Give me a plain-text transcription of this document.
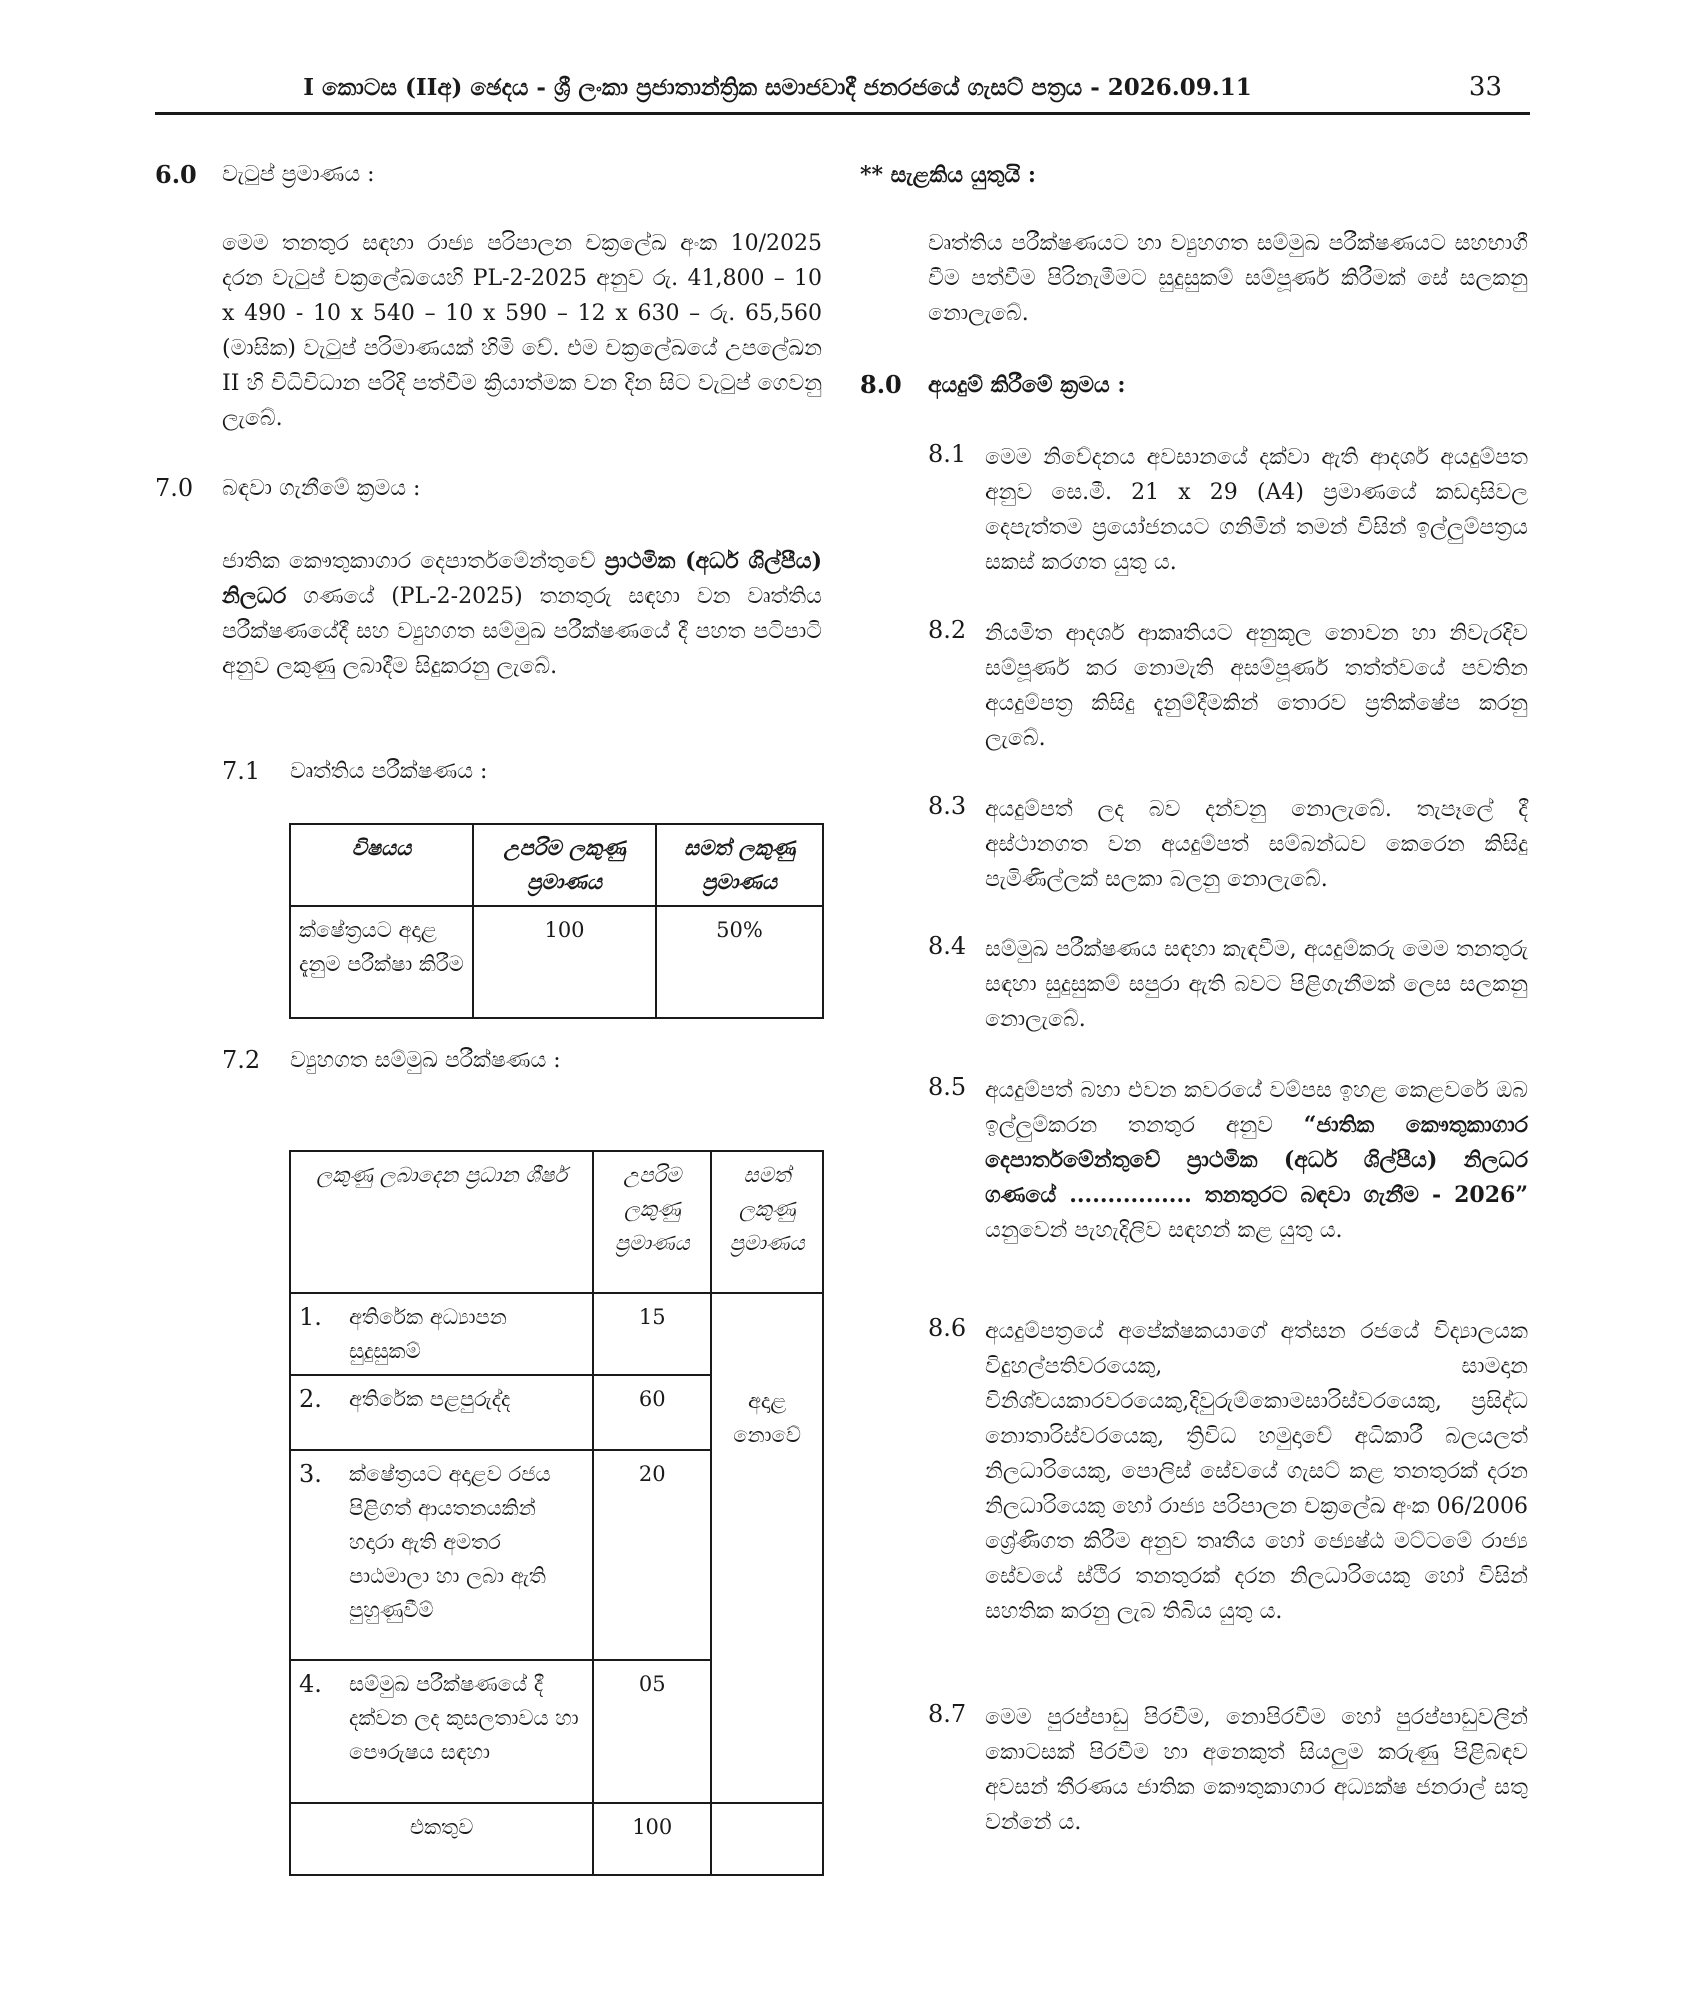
I කොටස (IIඅ) ඡෙදය - ශ්‍රී ලංකා ප්‍රජාතාන්ත්‍රික සමාජවාදී ජනරජයේ ගැසට් පත්‍රය - 2026.09.11	33
6.0 වැටුප් ප්‍රමාණය :
මෙම තනතුර සඳහා රාජ්‍ය පරිපාලන චක්‍රලේඛ අංක 10/2025 දරන වැටුප් චක්‍රලේඛයෙහි PL-2-2025 අනුව රු. 41,800 – 10 x 490 - 10 x 540 – 10 x 590 – 12 x 630 – රු. 65,560 (මාසික) වැටුප් පරිමාණයක් හිමි වේ. එම චක්‍රලේඛයේ උපලේඛන II හි විධිවිධාන පරිදි පත්වීම ක්‍රියාත්මක වන දින සිට වැටුප් ගෙවනු ලැබේ.
7.0 බඳවා ගැනීමේ ක්‍රමය :
ජාතික කෞතුකාගාර දෙපාර්තමේන්තුවේ ප්‍රාථමික (අර්ධ ශිල්පීය) නිලධර ගණයේ (PL-2-2025) තනතුරු සඳහා වන වෘත්තිය පරීක්ෂණයේදී සහ ව්‍යුහගත සම්මුඛ පරීක්ෂණයේ දී පහත පටිපාටි අනුව ලකුණු ලබාදීම සිදුකරනු ලැබේ.
7.1 වෘත්තිය පරීක්ෂණය :
විෂයය	උපරිම ලකුණු ප්‍රමාණය	සමත් ලකුණු ප්‍රමාණය
ක්ෂේත්‍රයට අදාළ දැනුම පරීක්ෂා කිරීම	100	50%
7.2 ව්‍යුහගත සම්මුඛ පරීක්ෂණය :
ලකුණු ලබාදෙන ප්‍රධාන ශීර්ෂ		උපරිම ලකුණු ප්‍රමාණය	සමත් ලකුණු ප්‍රමාණය
1.	අතිරේක අධ්‍යාපන සුදුසුකම්	15	අදාළ නොවේ
2.	අතිරේක පළපුරුද්ද	60	
3.	ක්ෂේත්‍රයට අදාළව රජය පිළිගත් ආයතනයකින් හදාරා ඇති අමතර පාඨමාලා හා ලබා ඇති පුහුණුවීම්	20	
4.	සම්මුඛ පරීක්ෂණයේ දී දක්වන ලද කුසලතාවය හා පෞරුෂය සඳහා	05	
එකතුව		100	
** සැළකිය යුතුයි :
වෘත්තිය පරීක්ෂණයට හා ව්‍යුහගත සම්මුඛ පරීක්ෂණයට සහභාගී වීම පත්වීම පිරිනැමීමට සුදුසුකම් සම්පූර්ණ කිරීමක් සේ සලකනු නොලැබේ.
8.0 අයදුම් කිරීමේ ක්‍රමය :
8.1 මෙම නිවේදනය අවසානයේ දක්වා ඇති ආදර්ශ අයදුම්පත අනුව සෙ.මී. 21 x 29 (A4) ප්‍රමාණයේ කඩදාසිවල දෙපැත්තම ප්‍රයෝජනයට ගනිමින් තමන් විසින් ඉල්ලුම්පත්‍රය සකස් කරගත යුතු ය.
8.2 නියමිත ආදර්ශ ආකෘතියට අනුකූල නොවන හා නිවැරදිව සම්පූර්ණ කර නොමැති අසම්පූර්ණ තත්ත්වයේ පවතින අයදුම්පත්‍ර කිසිදු දැනුම්දීමකින් තොරව ප්‍රතික්ෂේප කරනු ලැබේ.
8.3 අයදුම්පත් ලද බව දන්වනු නොලැබේ. තැපෑලේ දී අස්ථානගත වන අයදුම්පත් සම්බන්ධව කෙරෙන කිසිදු පැමිණිල්ලක් සලකා බලනු නොලැබේ.
8.4 සම්මුඛ පරීක්ෂණය සඳහා කැඳවීම, අයදුම්කරු මෙම තනතුරු සඳහා සුදුසුකම් සපුරා ඇති බවට පිළිගැනීමක් ලෙස සලකනු නොලැබේ.
8.5 අයදුම්පත් බහා එවන කවරයේ වම්පස ඉහළ කෙළවරේ ඔබ ඉල්ලුම්කරන තනතුර අනුව “ජාතික කෞතුකාගාර දෙපාර්තමේන්තුවේ ප්‍රාථමික (අර්ධ ශිල්පීය) නිලධර ගණයේ ................ තනතුරට බඳවා ගැනීම - 2026” යනුවෙන් පැහැදිලිව සඳහන් කළ යුතු ය.
8.6 අයදුම්පත්‍රයේ අපේක්ෂකයාගේ අත්සන රජයේ විද්‍යාලයක විදුහල්පතිවරයෙකු, සාමදාන විනිශ්චයකාරවරයෙකු,දිවුරුම්කොමසාරිස්වරයෙකු, ප්‍රසිද්ධ නොතාරිස්වරයෙකු, ත්‍රිවිධ හමුදාවේ අධිකාරී බලයලත් නිලධාරියෙකු, පොලිස් සේවයේ ගැසට් කළ තනතුරක් දරන නිලධාරියෙකු හෝ රාජ්‍ය පරිපාලන චක්‍රලේඛ අංක 06/2006 ශ්‍රේණිගත කිරීම අනුව තෘතීය හෝ ජ්‍යෙෂ්ඨ මට්ටමේ රාජ්‍ය සේවයේ ස්ථිර තනතුරක් දරන නිලධාරියෙකු හෝ විසින් සහතික කරනු ලැබ තිබිය යුතු ය.
8.7 මෙම පුරප්පාඩු පිරවීම, නොපිරවීම හෝ පුරප්පාඩුවලින් කොටසක් පිරවීම හා අනෙකුත් සියලුම කරුණු පිළිබඳව අවසන් තීරණය ජාතික කෞතුකාගාර අධ්‍යක්ෂ ජනරාල් සතු වන්නේ ය.
